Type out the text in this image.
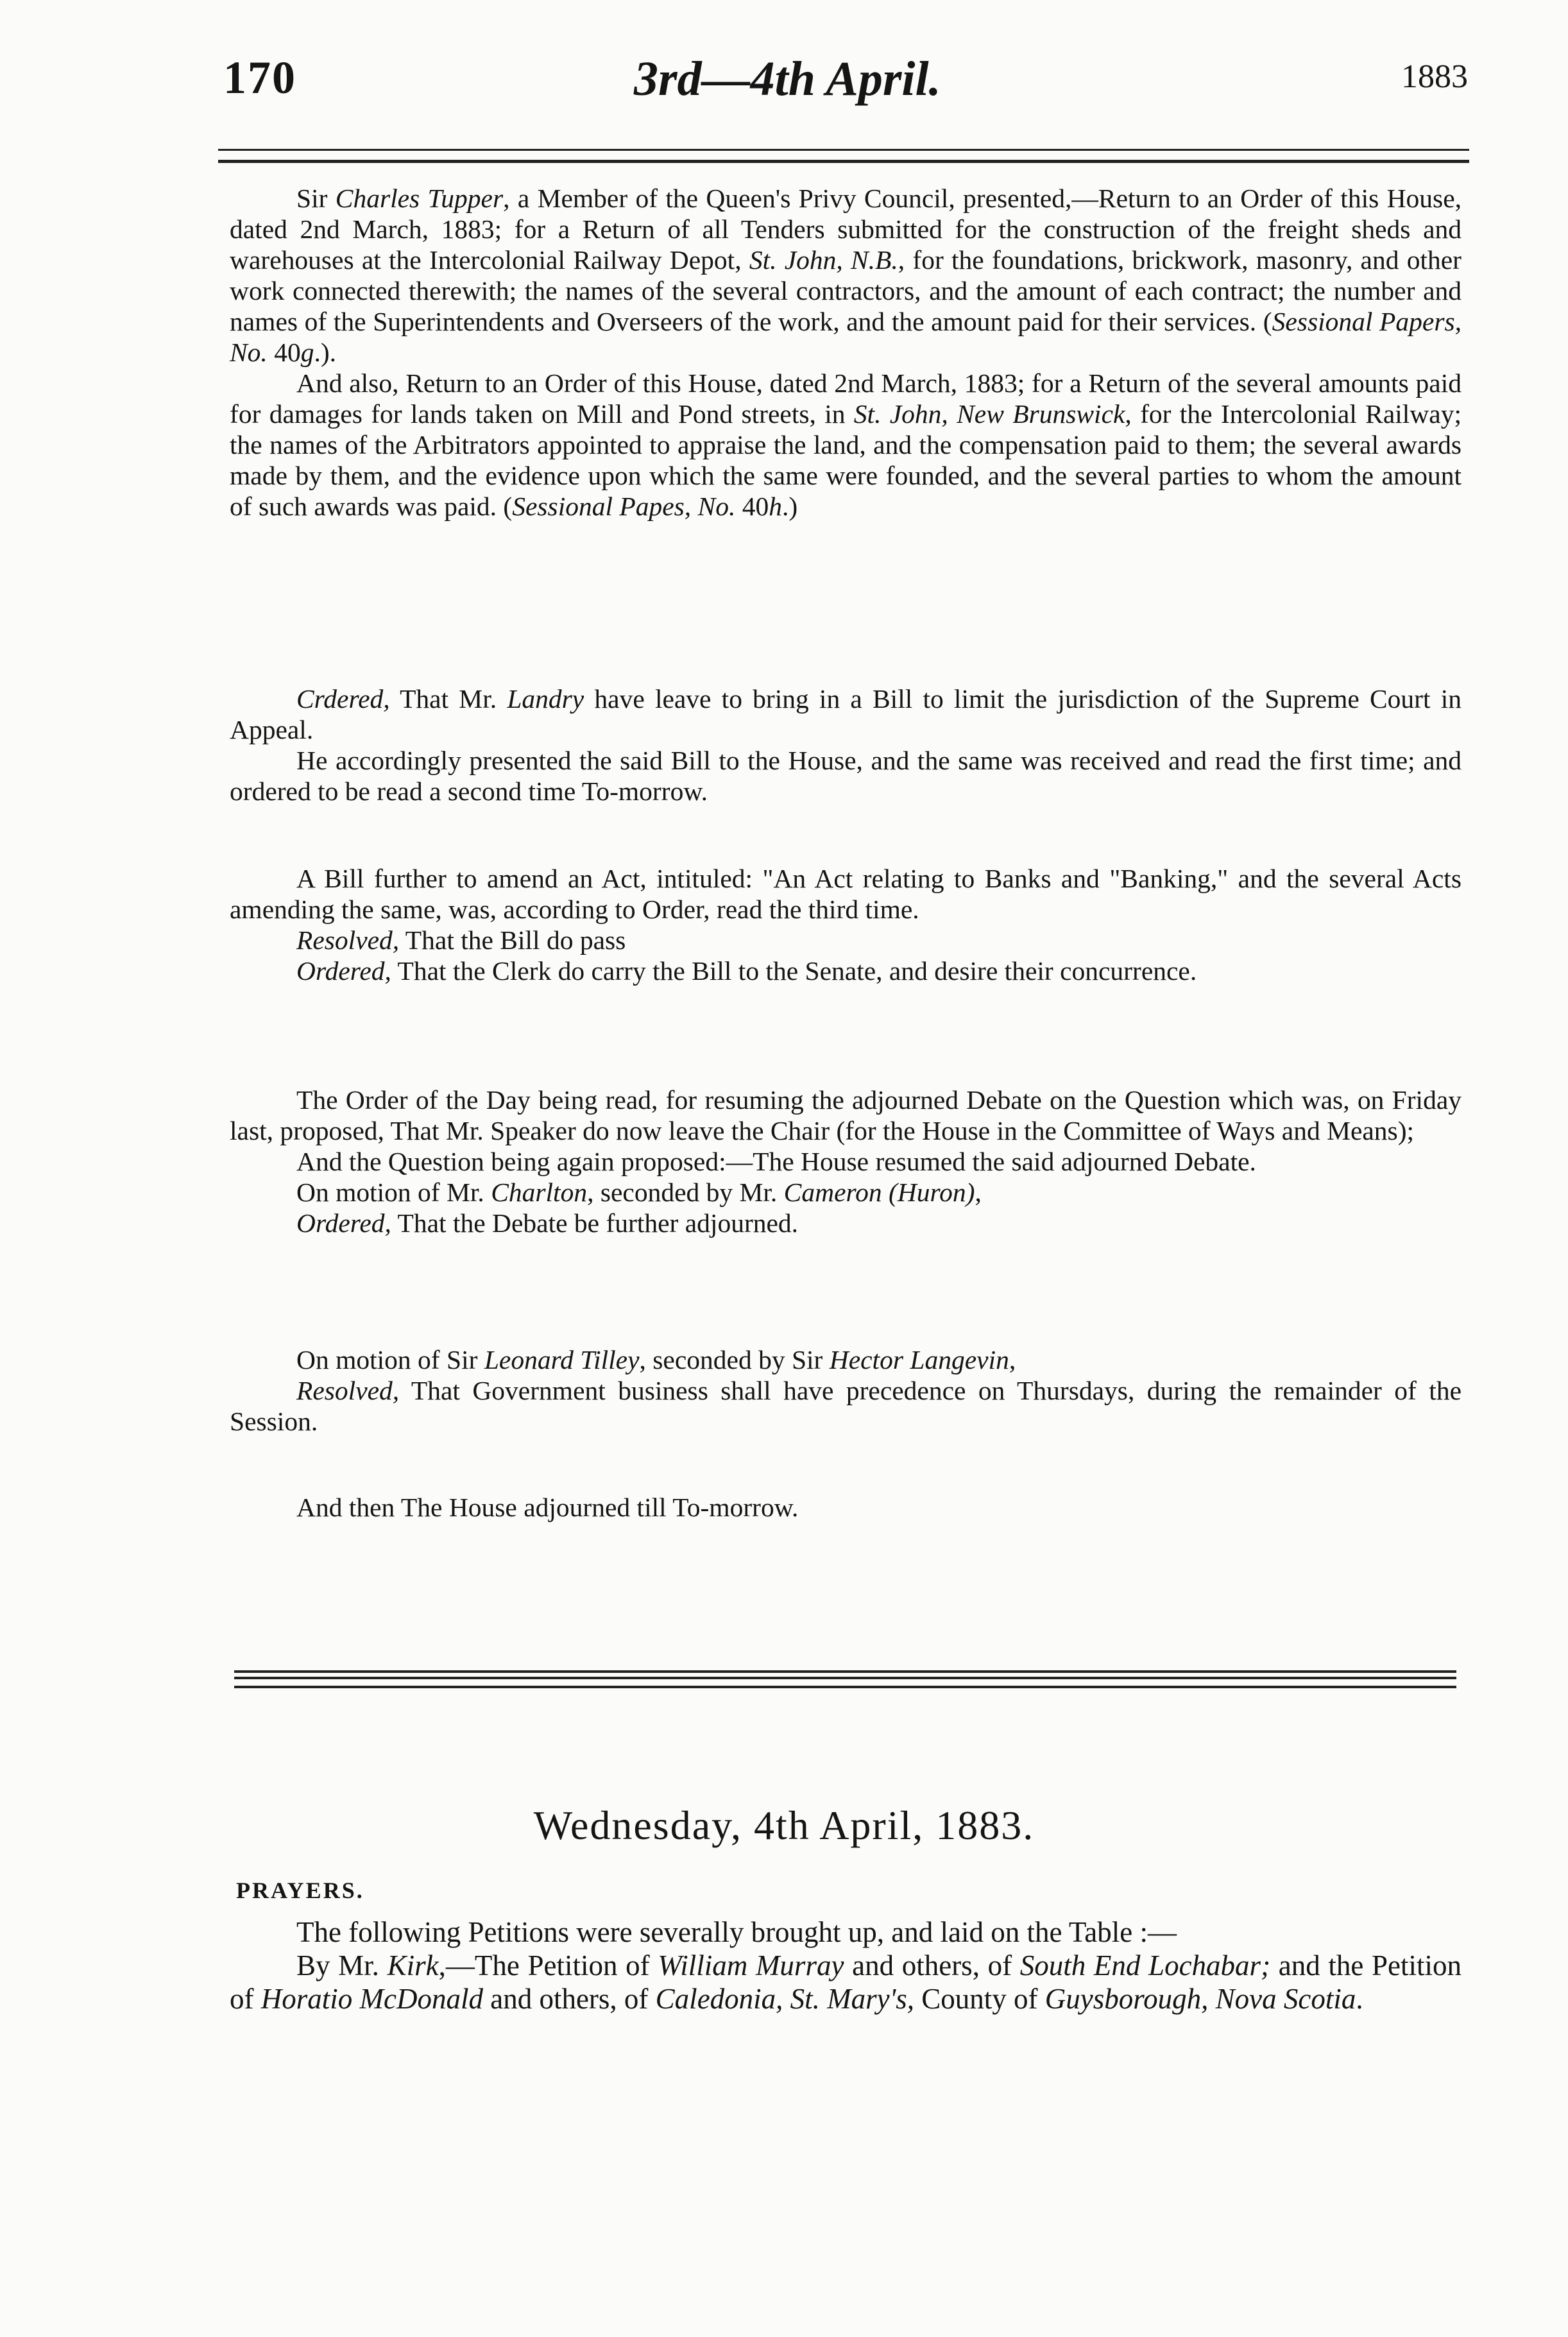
170	3rd—4th April.	1883

Sir Charles Tupper, a Member of the Queen's Privy Council, presented,—Return to an Order of this House, dated 2nd March, 1883; for a Return of all Tenders submitted for the construction of the freight sheds and warehouses at the Intercolonial Railway Depot, St. John, N.B., for the foundations, brickwork, masonry, and other work connected therewith; the names of the several contractors, and the amount of each contract; the number and names of the Superintendents and Overseers of the work, and the amount paid for their services. (Sessional Papers, No. 40g.).

And also, Return to an Order of this House, dated 2nd March, 1883; for a Return of the several amounts paid for damages for lands taken on Mill and Pond streets, in St. John, New Brunswick, for the Intercolonial Railway; the names of the Arbitrators appointed to appraise the land, and the compensation paid to them; the several awards made by them, and the evidence upon which the same were founded, and the several parties to whom the amount of such awards was paid. (Sessional Papes, No. 40h.)

Crdered, That Mr. Landry have leave to bring in a Bill to limit the jurisdiction of the Supreme Court in Appeal.

He accordingly presented the said Bill to the House, and the same was received and read the first time; and ordered to be read a second time To-morrow.

A Bill further to amend an Act, intituled: "An Act relating to Banks and "Banking," and the several Acts amending the same, was, according to Order, read the third time.

Resolved, That the Bill do pass

Ordered, That the Clerk do carry the Bill to the Senate, and desire their concurrence.

The Order of the Day being read, for resuming the adjourned Debate on the Question which was, on Friday last, proposed, That Mr. Speaker do now leave the Chair (for the House in the Committee of Ways and Means);

And the Question being again proposed:—The House resumed the said adjourned Debate.

On motion of Mr. Charlton, seconded by Mr. Cameron (Huron),

Ordered, That the Debate be further adjourned.

On motion of Sir Leonard Tilley, seconded by Sir Hector Langevin,

Resolved, That Government business shall have precedence on Thursdays, during the remainder of the Session.

And then The House adjourned till To-morrow.

Wednesday, 4th April, 1883.
PRAYERS.

The following Petitions were severally brought up, and laid on the Table :—

By Mr. Kirk,—The Petition of William Murray and others, of South End Lochabar; and the Petition of Horatio McDonald and others, of Caledonia, St. Mary's, County of Guysborough, Nova Scotia.
